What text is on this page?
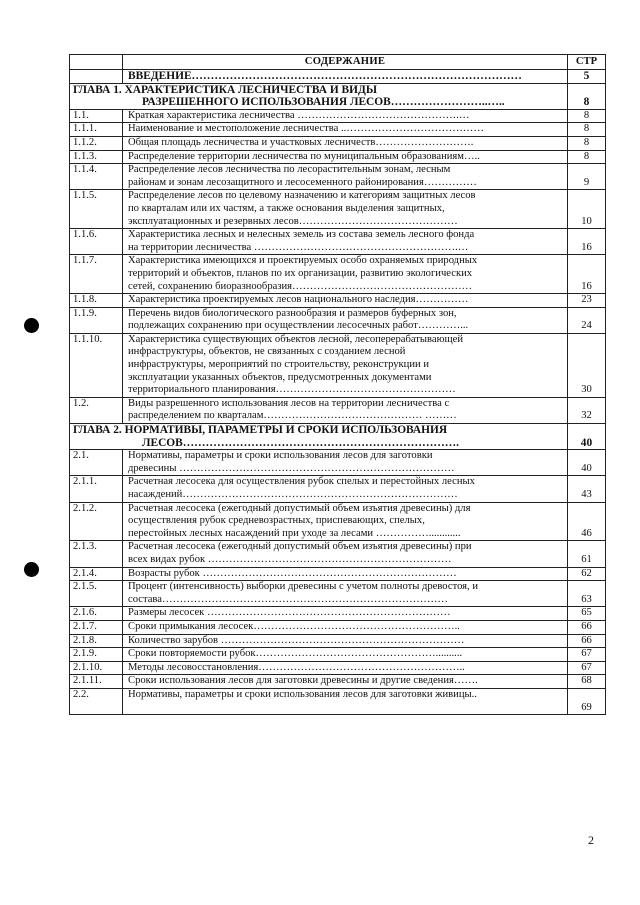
	СОДЕРЖАНИЕ	СТР
	ВВЕДЕНИЕ……………………………………………………………………………	5

ГЛАВА 1. ХАРАКТЕРИСТИКА ЛЕСНИЧЕСТВА И ВИДЫ
РАЗРЕШЕННОГО ИСПОЛЬЗОВАНИЯ ЛЕСОВ……………………..…..		8
1.1.	Краткая характеристика лесничества ……………………………………….…	8
1.1.1.	Наименование и местоположение лесничества ..…………………………………	8
1.1.2.	Общая площадь лесничества и участковых лесничеств……………………….	8
1.1.3.	Распределение территории лесничества по муниципальным образованиям…..	8
1.1.4.	Распределение лесов лесничества по лесорастительным зонам, лесным
районам и зонам лесозащитного и лесосеменного районирования……………	9
1.1.5.	Распределение лесов по целевому назначению и категориям защитных лесов
по кварталам или их частям, а также основания выделения защитных,
эксплуатационных и резервных лесов………………………………………	10
1.1.6.	Характеристика лесных и нелесных земель из состава земель лесного фонда
на территории лесничества ………………………………………………….…	16
1.1.7.	Характеристика имеющихся и проектируемых особо охраняемых природных
территорий и объектов, планов по их организации, развитию экологических
сетей, сохранению биоразнообразия……………………………………………	16
1.1.8.	Характеристика проектируемых лесов национального наследия……………	23
1.1.9.	Перечень видов биологического разнообразия и размеров буферных зон,
подлежащих сохранению при осуществлении лесосечных работ…………...	24
1.1.10.	Характеристика существующих объектов лесной, лесоперерабатывающей
инфраструктуры, объектов, не связанных с созданием лесной
инфраструктуры, мероприятий по строительству, реконструкции и
эксплуатации указанных объектов, предусмотренных документами
территориального планирования……………………………………………	30
1.2.	Виды разрешенного использования лесов на территории лесничества с
распределением по кварталам……………………………………… ………	32

ГЛАВА 2. НОРМАТИВЫ, ПАРАМЕТРЫ И СРОКИ ИСПОЛЬЗОВАНИЯ
ЛЕСОВ……………………………………………………………….		40
2.1.	Нормативы, параметры и сроки использования лесов для заготовки
древесины ……………………………………………………………………	40
2.1.1.	Расчетная лесосека для осуществления рубок спелых и перестойных лесных
насаждений……………………………………………………………………	43
2.1.2.	Расчетная лесосека (ежегодный допустимый объем изъятия древесины) для
осуществления рубок средневозрастных, приспевающих, спелых,
перестойных лесных насаждений при уходе за лесами ……………............	46
2.1.3.	Расчетная лесосека (ежегодный допустимый объем изъятия древесины) при
всех видах рубок ……………………………………………………………	61
2.1.4.	Возрасты рубок ………………………………………………………………	62
2.1.5.	Процент (интенсивность) выборки древесины с учетом полноты древостоя, и
состава………………………………………………………………………	63
2.1.6.	Размеры лесосек ……………………………………………………………	65
2.1.7.	Сроки примыкания лесосек…………………………………………………..	66
2.1.8.	Количество зарубов ……………………………………………………………	66
2.1.9.	Сроки повторяемости рубок……………………………………………..........	67
2.1.10.	Методы лесовосстановления…………………………………………………..	67
2.1.11.	Сроки использования лесов для заготовки древесины и другие сведения…….	68
2.2.	Нормативы, параметры и сроки использования лесов для заготовки живицы..	69
2
